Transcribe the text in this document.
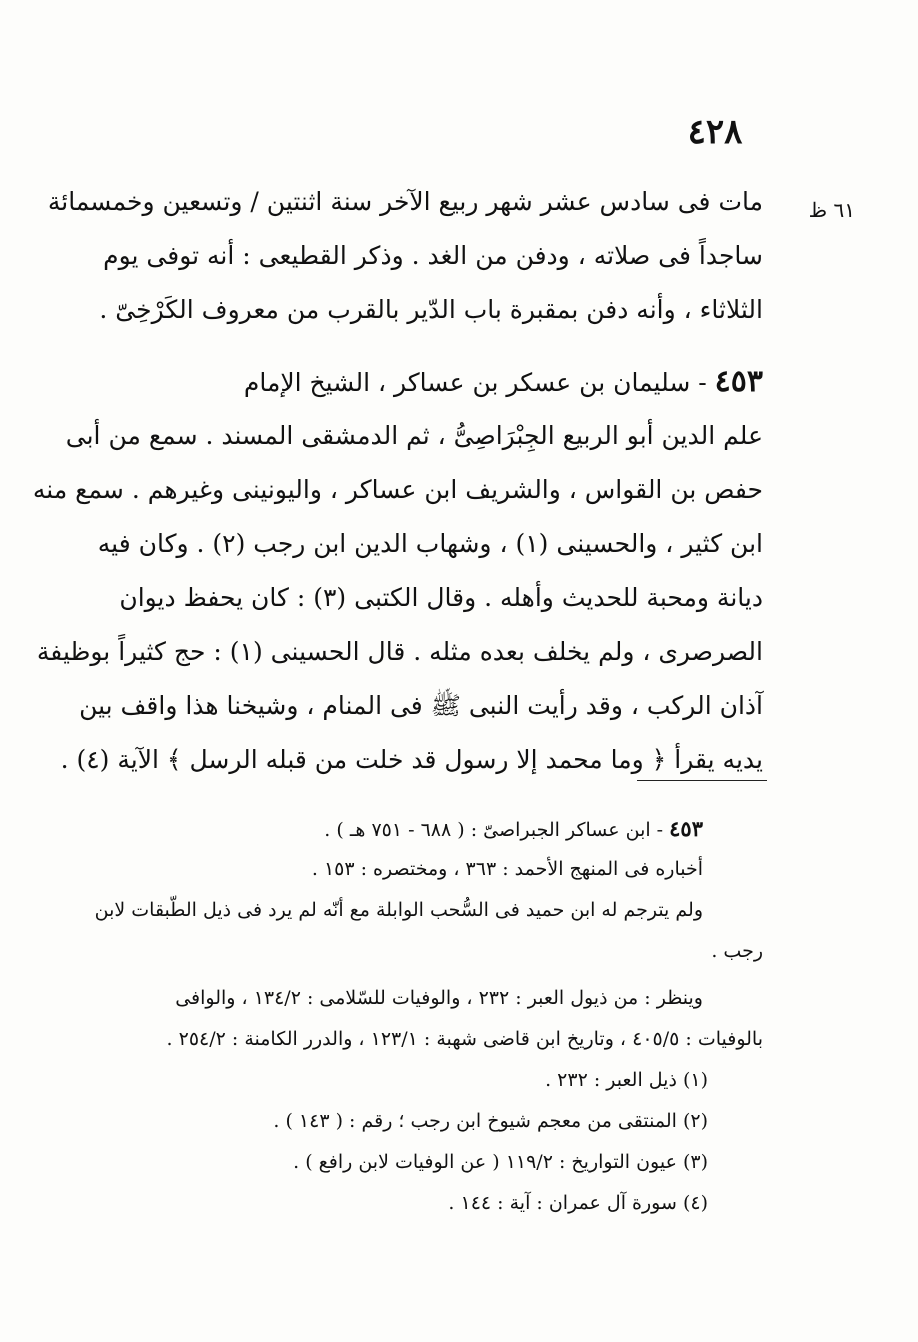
٤٢٨
٦١ ظ
مات فى سادس عشر شهر ربيع الآخر سنة اثنتين / وتسعين وخمسمائة
ساجداً فى صلاته ، ودفن من الغد . وذكر القطيعى : أنه توفى يوم
الثلاثاء ، وأنه دفن بمقبرة باب الدّير بالقرب من معروف الكَرْخِىّ .
٤٥٣ - سليمان بن عسكر بن عساكر ، الشيخ الإمام
علم الدين أبو الربيع الجِبْرَاصِىُّ ، ثم الدمشقى المسند . سمع من أبى
حفص بن القواس ، والشريف ابن عساكر ، واليونينى وغيرهم . سمع منه
ابن كثير ، والحسينى (١) ، وشهاب الدين ابن رجب (٢) . وكان فيه
ديانة ومحبة للحديث وأهله . وقال الكتبى (٣) : كان يحفظ ديوان
الصرصرى ، ولم يخلف بعده مثله . قال الحسينى (١) : حج كثيراً بوظيفة
آذان الركب ، وقد رأيت النبى ﷺ فى المنام ، وشيخنا هذا واقف بين
يديه يقرأ ﴿ وما محمد إلا رسول قد خلت من قبله الرسل ﴾ الآية (٤) .
٤٥٣ - ابن عساكر الجبراصىّ : ( ٦٨٨ - ٧٥١ هـ ) .
أخباره فى المنهج الأحمد : ٣٦٣ ، ومختصره : ١٥٣ .
ولم يترجم له ابن حميد فى السُّحب الوابلة مع أنّه لم يرد فى ذيل الطّبقات لابن
رجب .
وينظر : من ذيول العبر : ٢٣٢ ، والوفيات للسّلامى : ١٣٤/٢ ، والوافى
بالوفيات : ٤٠٥/٥ ، وتاريخ ابن قاضى شهبة : ١٢٣/١ ، والدرر الكامنة : ٢٥٤/٢ .
(١) ذيل العبر : ٢٣٢ .
(٢) المنتقى من معجم شيوخ ابن رجب ؛ رقم : ( ١٤٣ ) .
(٣) عيون التواريخ : ١١٩/٢ ( عن الوفيات لابن رافع ) .
(٤) سورة آل عمران : آية : ١٤٤ .
